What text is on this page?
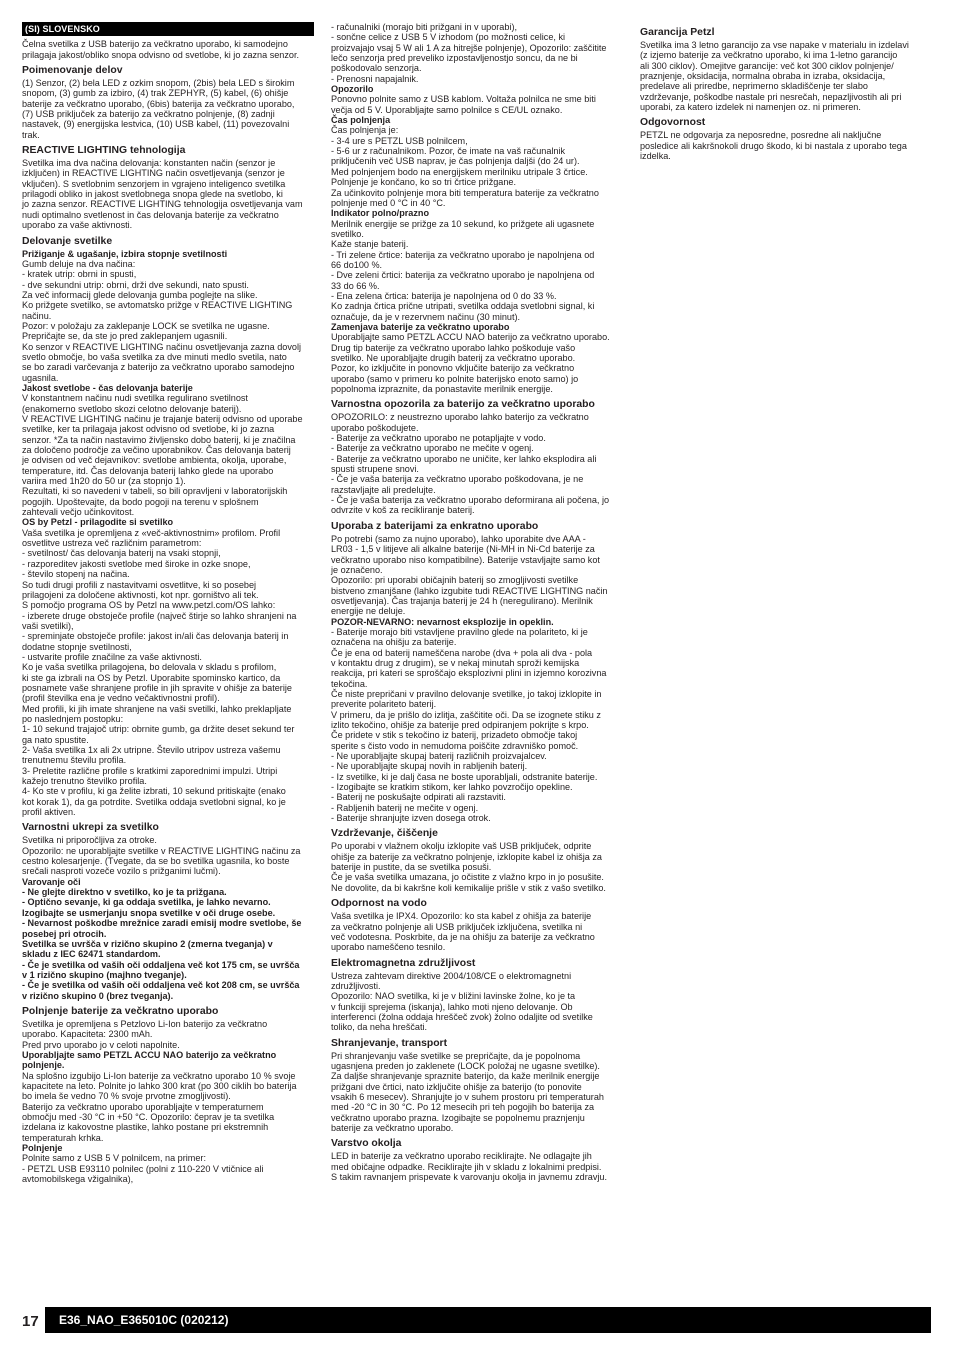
(SI) SLOVENSKO
Čelna svetilka z USB baterijo za večkratno uporabo, ki samodejno
prilagaja jakost/obliko snopa odvisno od svetlobe, ki jo zazna senzor.
Poimenovanje delov
(1) Senzor, (2) bela LED z ozkim snopom, (2bis) bela LED s širokim
snopom, (3) gumb za izbiro, (4) trak ZEPHYR, (5) kabel, (6) ohišje
baterije za večkratno uporabo, (6bis) baterija za večkratno uporabo,
(7) USB priključek za baterijo za večkratno polnjenje, (8) zadnji
nastavek, (9) energijska lestvica, (10) USB kabel, (11) povezovalni
trak.
REACTIVE LIGHTING tehnologija
Svetilka ima dva načina delovanja: konstanten način (senzor je
izključen) in REACTIVE LIGHTING način osvetljevanja (senzor je
vključen). S svetlobnim senzorjem in vgrajeno inteligenco svetilka
prilagodi obliko in jakost svetlobnega snopa glede na svetlobo, ki
jo zazna senzor. REACTIVE LIGHTING tehnologija osvetljevanja vam
nudi optimalno svetlenost in čas delovanja baterije za večkratno
uporabo za vaše aktivnosti.
Delovanje svetilke
Prižiganje & ugašanje, izbira stopnje svetilnosti
Gumb deluje na dva načina:
- kratek utrip: obrni in spusti,
- dve sekundni utrip: obrni, drži dve sekundi, nato spusti.
Za več informacij glede delovanja gumba poglejte na slike.
Ko prižgete svetilko, se avtomatsko prižge v REACTIVE LIGHTING
načinu.
Pozor: v položaju za zaklepanje LOCK se svetilka ne ugasne.
Prepričajte se, da ste jo pred zaklepanjem ugasnili.
Ko senzor v REACTIVE LIGHTING načinu osvetljevanja zazna dovolj
svetlo območje, bo vaša svetilka za dve minuti medlo svetila, nato
se bo zaradi varčevanja z baterijo za večkratno uporabo samodejno
ugasnila.
Jakost svetlobe - čas delovanja baterije
V konstantnem načinu nudi svetilka regulirano svetilnost
(enakomerno svetlobo skozi celotno delovanje baterij).
V REACTIVE LIGHTING načinu je trajanje baterij odvisno od uporabe
svetilke, ker ta prilagaja jakost odvisno od svetlobe, ki jo zazna
senzor. *Za ta način nastavimo življensko dobo baterij, ki je značilna
za določeno področje za večino uporabnikov. Čas delovanja baterij
je odvisen od več dejavnikov: svetlobe ambienta, okolja, uporabe,
temperature, itd. Čas delovanja baterij lahko glede na uporabo
variira med 1h20 do 50 ur (za stopnjo 1).
Rezultati, ki so navedeni v tabeli, so bili opravljeni v laboratorijskih
pogojih. Upoštevajte, da bodo pogoji na terenu v splošnem
zahtevali večjo učinkovitost.
OS by Petzl - prilagodite si svetilko
Vaša svetilka je opremljena z «več-aktivnostnim» profilom. Profil
osvetlitve ustreza več različnim parametrom:
- svetilnost/ čas delovanja baterij na vsaki stopnji,
- razporeditev jakosti svetlobe med široke in ozke snope,
- število stopenj na načina.
So tudi drugi profili z nastavitvami osvetlitve, ki so posebej
prilagojeni za določene aktivnosti, kot npr. gorništvo ali tek.
S pomočjo programa OS by Petzl na www.petzl.com/OS lahko:
- izberete druge obstoječe profile (največ štirje so lahko shranjeni na
vaši svetilki),
- spreminjate obstoječe profile: jakost in/ali čas delovanja baterij in
dodatne stopnje svetilnosti,
- ustvarite profile značilne za vaše aktivnosti.
Ko je vaša svetilka prilagojena, bo delovala v skladu s profilom,
ki ste ga izbrali na OS by Petzl. Uporabite spominsko kartico, da
posnamete vaše shranjene profile in jih spravite v ohišje za baterije
(profil številka ena je vedno večaktivnostni profil).
Med profili, ki jih imate shranjene na vaši svetilki, lahko preklapljate
po naslednjem postopku:
1- 10 sekund trajajoč utrip: obrnite gumb, ga držite deset sekund ter
ga nato spustite.
2- Vaša svetilka 1x ali 2x utripne. Število utripov ustreza vašemu
trenutnemu številu profila.
3- Preletite različne profile s kratkimi zaporednimi impulzi. Utripi
kažejo trenutno številko profila.
4- Ko ste v profilu, ki ga želite izbrati, 10 sekund pritiskajte (enako
kot korak 1), da ga potrdite. Svetilka oddaja svetlobni signal, ko je
profil aktiven.
Varnostni ukrepi za svetilko
Svetilka ni priporočljiva za otroke.
Opozorilo: ne uporabljajte svetilke v REACTIVE LIGHTING načinu za
cestno kolesarjenje. (Tvegate, da se bo svetilka ugasnila, ko boste
srečali nasproti vozeče vozilo s prižganimi lučmi).
Varovanje oči
- Ne glejte direktno v svetilko, ko je ta prižgana.
- Optično sevanje, ki ga oddaja svetilka, je lahko nevarno.
Izogibajte se usmerjanju snopa svetilke v oči druge osebe.
- Nevarnost poškodbe mrežnice zaradi emisij modre svetlobe, še
posebej pri otrocih.
Svetilka se uvršča v rizično skupino 2 (zmerna tveganja) v
skladu z IEC 62471 standardom.
- Če je svetilka od vaših oči oddaljena več kot 175 cm, se uvršča
v 1 rizično skupino (majhno tveganje).
- Če je svetilka od vaših oči oddaljena več kot 208 cm, se uvršča
v rizično skupino 0 (brez tveganja).
Polnjenje baterije za večkratno uporabo
Svetilka je opremljena s Petzlovo Li-Ion baterijo za večkratno
uporabo. Kapaciteta: 2300 mAh.
Pred prvo uporabo jo v celoti napolnite.
Uporabljajte samo PETZL ACCU NAO baterijo za večkratno
polnjenje.
Na splošno izgubijo Li-Ion baterije za večkratno uporabo 10 % svoje
kapacitete na leto. Polnite jo lahko 300 krat (po 300 ciklih bo baterija
bo imela še vedno 70 % svoje prvotne zmogljivosti).
Baterijo za večkratno uporabo uporabljajte v temperaturnem
območju med -30 °C in +50 °C. Opozorilo: čeprav je ta svetilka
izdelana iz kakovostne plastike, lahko postane pri ekstremnih
temperaturah krhka.
Polnjenje
Polnite samo z USB 5 V polnilcem, na primer:
- PETZL USB E93110 polnilec (polni z 110-220 V vtičnice ali
avtomobilskega vžigalnika),
- računalniki (morajo biti prižgani in v uporabi),
- sončne celice z USB 5 V izhodom (po možnosti celice, ki
proizvajajo vsaj 5 W ali 1 A za hitrejše polnjenje), Opozorilo: zaščitite
lečo senzorja pred preveliko izpostavljenostjo soncu, da ne bi
poškodovalo senzorja.
- Prenosni napajalnik.
Opozorilo
Ponovno polnite samo z USB kablom. Voltaža polnilca ne sme biti
večja od 5 V. Uporabljajte samo polnilce s CE/UL oznako.
Čas polnjenja
Čas polnjenja je:
- 3-4 ure s PETZL USB polnilcem,
- 5-6 ur z računalnikom. Pozor, če imate na vaš računalnik
priključenih več USB naprav, je čas polnjenja daljši (do 24 ur).
Med polnjenjem bodo na energijskem merilniku utripale 3 črtice.
Polnjenje je končano, ko so tri črtice prižgane.
Za učinkovito polnjenje mora biti temperatura baterije za večkratno
polnjenje med 0 °C in 40 °C.
Indikator polno/prazno
Merilnik energije se prižge za 10 sekund, ko prižgete ali ugasnete
svetilko.
Kaže stanje baterij.
- Tri zelene črtice: baterija za večkratno uporabo je napolnjena od
66 do100 %.
- Dve zeleni črtici: baterija za večkratno uporabo je napolnjena od
33 do 66 %.
- Ena zelena črtica: baterija je napolnjena od 0 do 33 %.
Ko zadnja črtica prične utripati, svetilka oddaja svetlobni signal, ki
označuje, da je v rezervnem načinu (30 minut).
Zamenjava baterije za večkratno uporabo
Uporabljajte samo PETZL ACCU NAO baterijo za večkratno uporabo.
Drug tip baterije za večkratno uporabo lahko poškoduje vašo
svetilko. Ne uporabljajte drugih baterij za večkratno uporabo.
Pozor, ko izključite in ponovno vključite baterijo za večkratno
uporabo (samo v primeru ko polnite baterijsko enoto samo) jo
popolnoma izpraznite, da ponastavite merilnik energije.
Varnostna opozorila za baterijo za večkratno uporabo
OPOZORILO: z neustrezno uporabo lahko baterijo za večkratno
uporabo poškodujete.
- Baterije za večkratno uporabo ne potapljajte v vodo.
- Baterije za večkratno uporabo ne mečite v ogenj.
- Baterije za večkratno uporabo ne uničite, ker lahko eksplodira ali
spusti strupene snovi.
- Če je vaša baterija za večkratno uporabo poškodovana, je ne
razstavljajte ali predelujte.
- Če je vaša baterija za večkratno uporabo deformirana ali počena, jo
odvrzite v koš za recikliranje baterij.
Uporaba z baterijami za enkratno uporabo
Po potrebi (samo za nujno uporabo), lahko uporabite dve AAA -
LR03 - 1,5 v litijeve ali alkalne baterije (Ni-MH in Ni-Cd baterije za
večkratno uporabo niso kompatibilne). Baterije vstavljajte samo kot
je označeno.
Opozorilo: pri uporabi običajnih baterij so zmogljivosti svetilke
bistveno zmanjšane (lahko izgubite tudi REACTIVE LIGHTING način
osvetljevanja). Čas trajanja baterij je 24 h (neregulirano). Merilnik
energije ne deluje.
POZOR-NEVARNO: nevarnost eksplozije in opeklin.
- Baterije morajo biti vstavljene pravilno glede na polariteto, ki je
označena na ohišju za baterije.
Če je ena od baterij nameščena narobe (dva + pola ali dva - pola
v kontaktu drug z drugim), se v nekaj minutah sproži kemijska
reakcija, pri kateri se sproščajo eksplozivni plini in izjemno korozivna
tekočina.
Če niste prepričani v pravilno delovanje svetilke, jo takoj izklopite in
preverite polariteto baterij.
V primeru, da je prišlo do izlitja, zaščitite oči. Da se izognete stiku z
izlito tekočino, ohišje za baterije pred odpiranjem pokrijte s krpo.
Če pridete v stik s tekočino iz baterij, prizadeto območje takoj
sperite s čisto vodo in nemudoma poiščite zdravniško pomoč.
- Ne uporabljajte skupaj baterij različnih proizvajalcev.
- Ne uporabljajte skupaj novih in rabljenih baterij.
- Iz svetilke, ki je dalj časa ne boste uporabljali, odstranite baterije.
- Izogibajte se kratkim stikom, ker lahko povzročijo opekline.
- Baterij ne poskušajte odpirati ali razstaviti.
- Rabljenih baterij ne mečite v ogenj.
- Baterije shranjujte izven dosega otrok.
Vzdrževanje, čiščenje
Po uporabi v vlažnem okolju izklopite vaš USB priključek, odprite
ohišje za baterije za večkratno polnjenje, izklopite kabel iz ohišja za
baterije in pustite, da se svetilka posuši.
Če je vaša svetilka umazana, jo očistite z vlažno krpo in jo posušite.
Ne dovolite, da bi kakršne koli kemikalije prišle v stik z vašo svetilko.
Odpornost na vodo
Vaša svetilka je IPX4. Opozorilo: ko sta kabel z ohišja za baterije
za večkratno polnjenje ali USB priključek izključena, svetilka ni
več vodotesna. Poskrbite, da je na ohišju za baterije za večkratno
uporabo nameščeno tesnilo.
Elektromagnetna združljivost
Ustreza zahtevam direktive 2004/108/CE o elektromagnetni
združljivosti.
Opozorilo: NAO svetilka, ki je v bližini lavinske žolne, ko je ta
v funkciji sprejema (iskanja), lahko moti njeno delovanje. Ob
interferenci (žolna oddaja hreščeč zvok) žolno odaljite od svetilke
toliko, da neha hreščati.
Shranjevanje, transport
Pri shranjevanju vaše svetilke se prepričajte, da je popolnoma
ugasnjena preden jo zaklenete (LOCK položaj ne ugasne svetilke).
Za daljše shranjevanje spraznite baterijo, da kaže merilnik energije
prižgani dve črtici, nato izključite ohišje za baterijo (to ponovite
vsakih 6 mesecev). Shranjujte jo v suhem prostoru pri temperaturah
med -20 °C in 30 °C. Po 12 mesecih pri teh pogojih bo baterija za
večkratno uporabo prazna. Izogibajte se popolnemu praznjenju
baterije za večkratno uporabo.
Varstvo okolja
LED in baterije za večkratno uporabo reciklirajte. Ne odlagajte jih
med običajne odpadke. Reciklirajte jih v skladu z lokalnimi predpisi.
S takim ravnanjem prispevate k varovanju okolja in javnemu zdravju.
Garancija Petzl
Svetilka ima 3 letno garancijo za vse napake v materialu in izdelavi
(z izjemo baterije za večkratno uporabo, ki ima 1-letno garancijo
ali 300 ciklov). Omejitve garancije: več kot 300 ciklov polnjenje/
praznjenje, oksidacija, normalna obraba in izraba, oksidacija,
predelave ali priredbe, neprimerno skladiščenje ter slabo
vzdrževanje, poškodbe nastale pri nesrečah, nepazljivostih ali pri
uporabi, za katero izdelek ni namenjen oz. ni primeren.
Odgovornost
PETZL ne odgovarja za neposredne, posredne ali naključne
posledice ali kakršnokoli drugo škodo, ki bi nastala z uporabo tega
izdelka.
17	E36_NAO_E365010C (020212)
